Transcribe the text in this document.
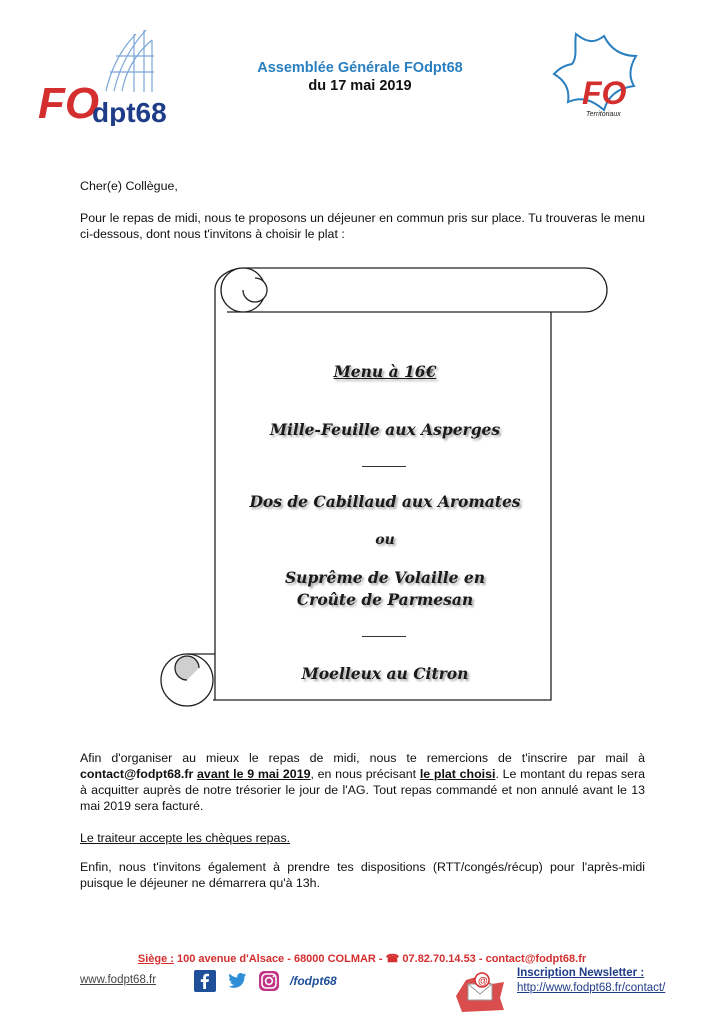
FO
dpt68
Assemblée Générale FOdpt68
du 17 mai 2019	FO
Territoriaux
Cher(e) Collègue,
Pour le repas de midi, nous te proposons un déjeuner en commun pris sur place. Tu trouveras le menu ci-dessous, dont nous t'invitons à choisir le plat :
Menu à 16€
Mille-Feuille aux Asperges
Dos de Cabillaud aux Aromates
ou
Suprême de Volaille en Croûte de Parmesan
Moelleux au Citron
Afin d'organiser au mieux le repas de midi, nous te remercions de t'inscrire par mail à contact@fodpt68.fr avant le 9 mai 2019, en nous précisant le plat choisi. Le montant du repas sera à acquitter auprès de notre trésorier le jour de l'AG. Tout repas commandé et non annulé avant le 13 mai 2019 sera facturé.
Le traiteur accepte les chèques repas.
Enfin, nous t'invitons également à prendre tes dispositions (RTT/congés/récup) pour l'après-midi puisque le déjeuner ne démarrera qu'à 13h.
Siège : 100 avenue d'Alsace - 68000 COLMAR - ☎ 07.82.70.14.53 - contact@fodpt68.fr
www.fodpt68.fr	/fodpt68	@
Inscription Newsletter :
http://www.fodpt68.fr/contact/
